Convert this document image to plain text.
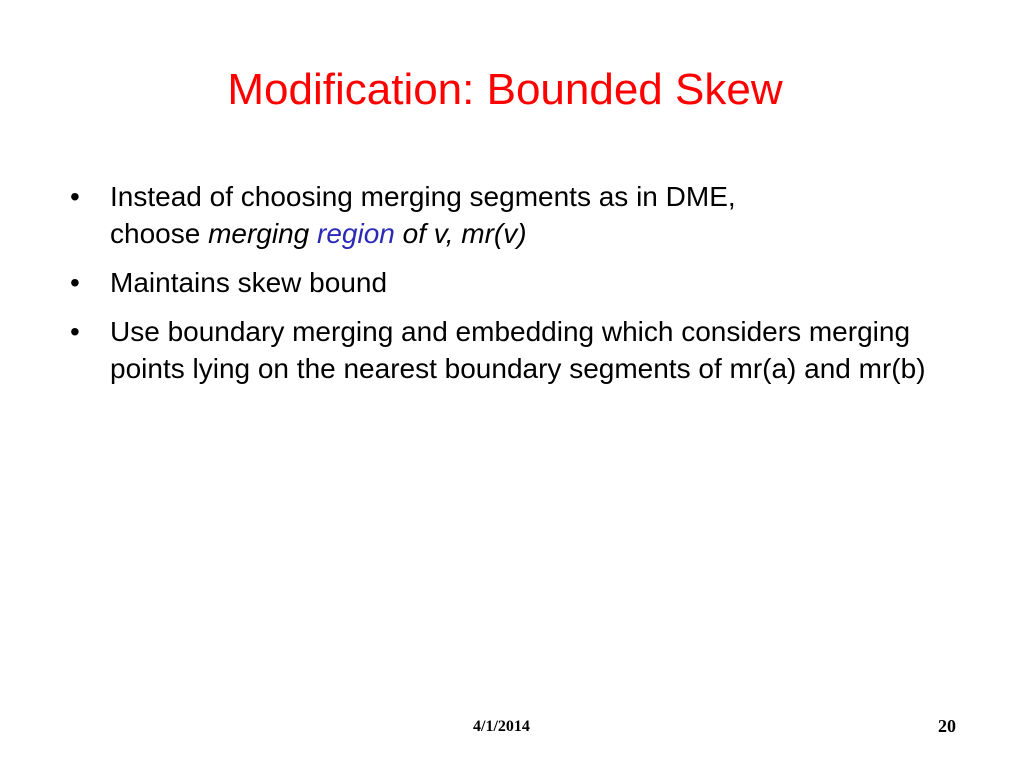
Modification: Bounded Skew
• Instead of choosing merging segments as in DME,
choose merging region of v, mr(v)
• Maintains skew bound
• Use boundary merging and embedding which considers merging points lying on the nearest boundary segments of mr(a) and mr(b)
4/1/2014	20
